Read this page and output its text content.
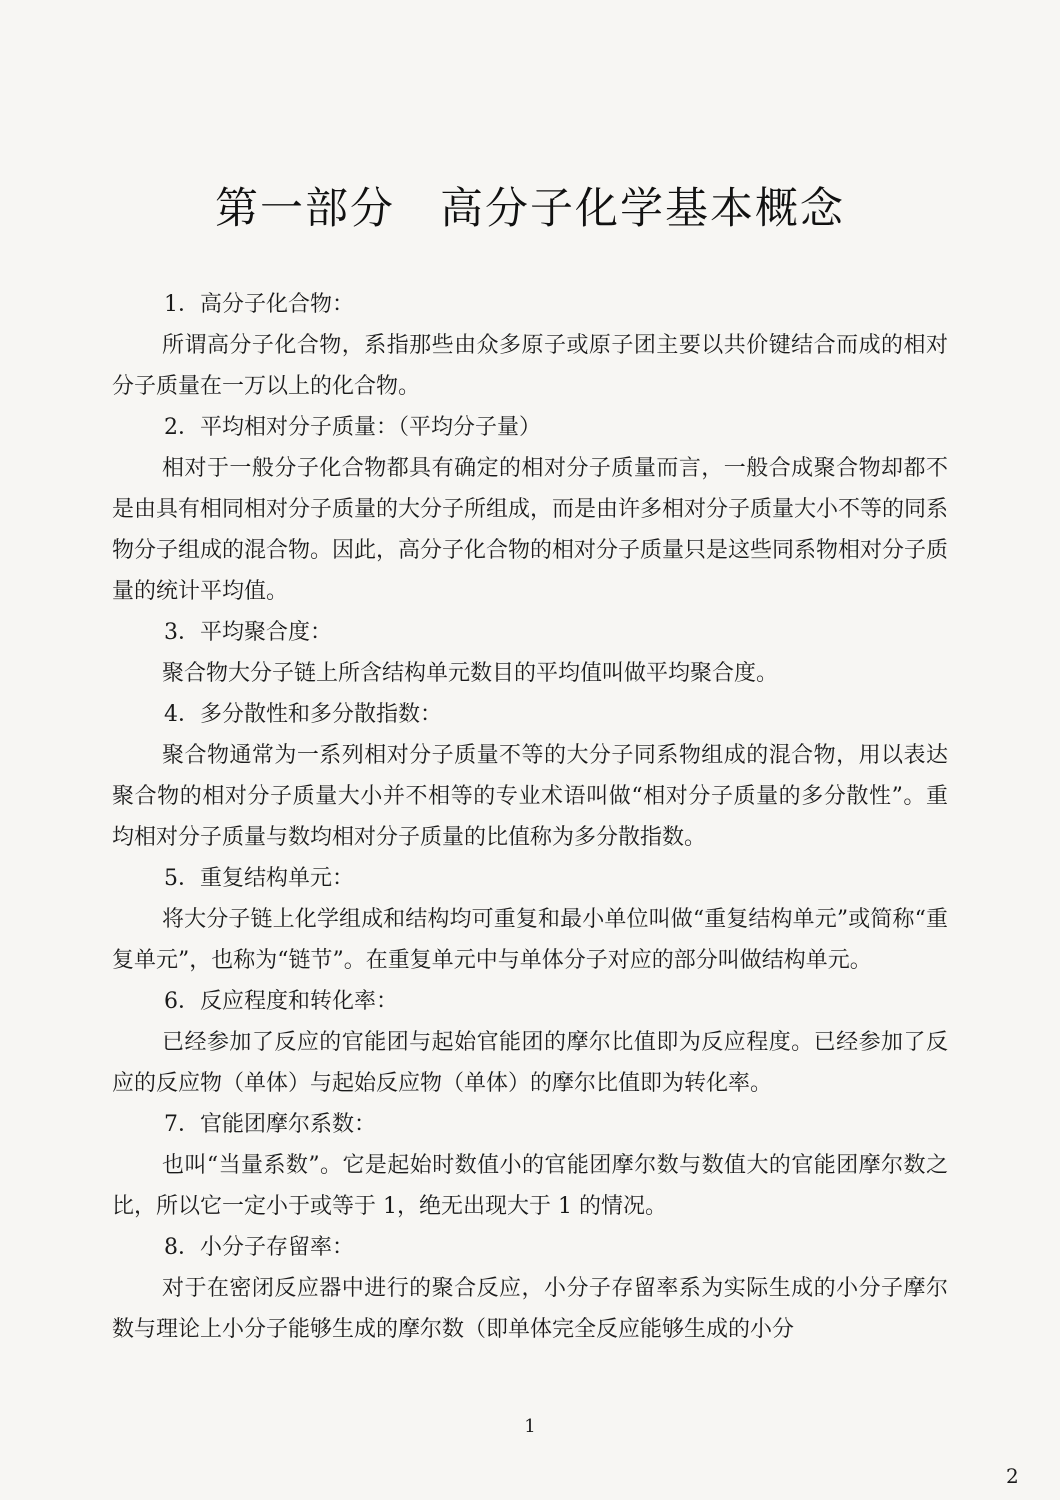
第一部分　高分子化学基本概念

1．高分子化合物：

所谓高分子化合物，系指那些由众多原子或原子团主要以共价键结合而成的相对分子质量在一万以上的化合物。

2．平均相对分子质量：（平均分子量）

相对于一般分子化合物都具有确定的相对分子质量而言，一般合成聚合物却都不是由具有相同相对分子质量的大分子所组成，而是由许多相对分子质量大小不等的同系物分子组成的混合物。因此，高分子化合物的相对分子质量只是这些同系物相对分子质量的统计平均值。

3．平均聚合度：

聚合物大分子链上所含结构单元数目的平均值叫做平均聚合度。

4．多分散性和多分散指数：

聚合物通常为一系列相对分子质量不等的大分子同系物组成的混合物，用以表达聚合物的相对分子质量大小并不相等的专业术语叫做“相对分子质量的多分散性”。重均相对分子质量与数均相对分子质量的比值称为多分散指数。

5．重复结构单元：

将大分子链上化学组成和结构均可重复和最小单位叫做“重复结构单元”或简称“重复单元”，也称为“链节”。在重复单元中与单体分子对应的部分叫做结构单元。

6．反应程度和转化率：

已经参加了反应的官能团与起始官能团的摩尔比值即为反应程度。已经参加了反应的反应物（单体）与起始反应物（单体）的摩尔比值即为转化率。

7．官能团摩尔系数：

也叫“当量系数”。它是起始时数值小的官能团摩尔数与数值大的官能团摩尔数之比，所以它一定小于或等于 1，绝无出现大于 1 的情况。

8．小分子存留率：

对于在密闭反应器中进行的聚合反应，小分子存留率系为实际生成的小分子摩尔数与理论上小分子能够生成的摩尔数（即单体完全反应能够生成的小分

1
2
